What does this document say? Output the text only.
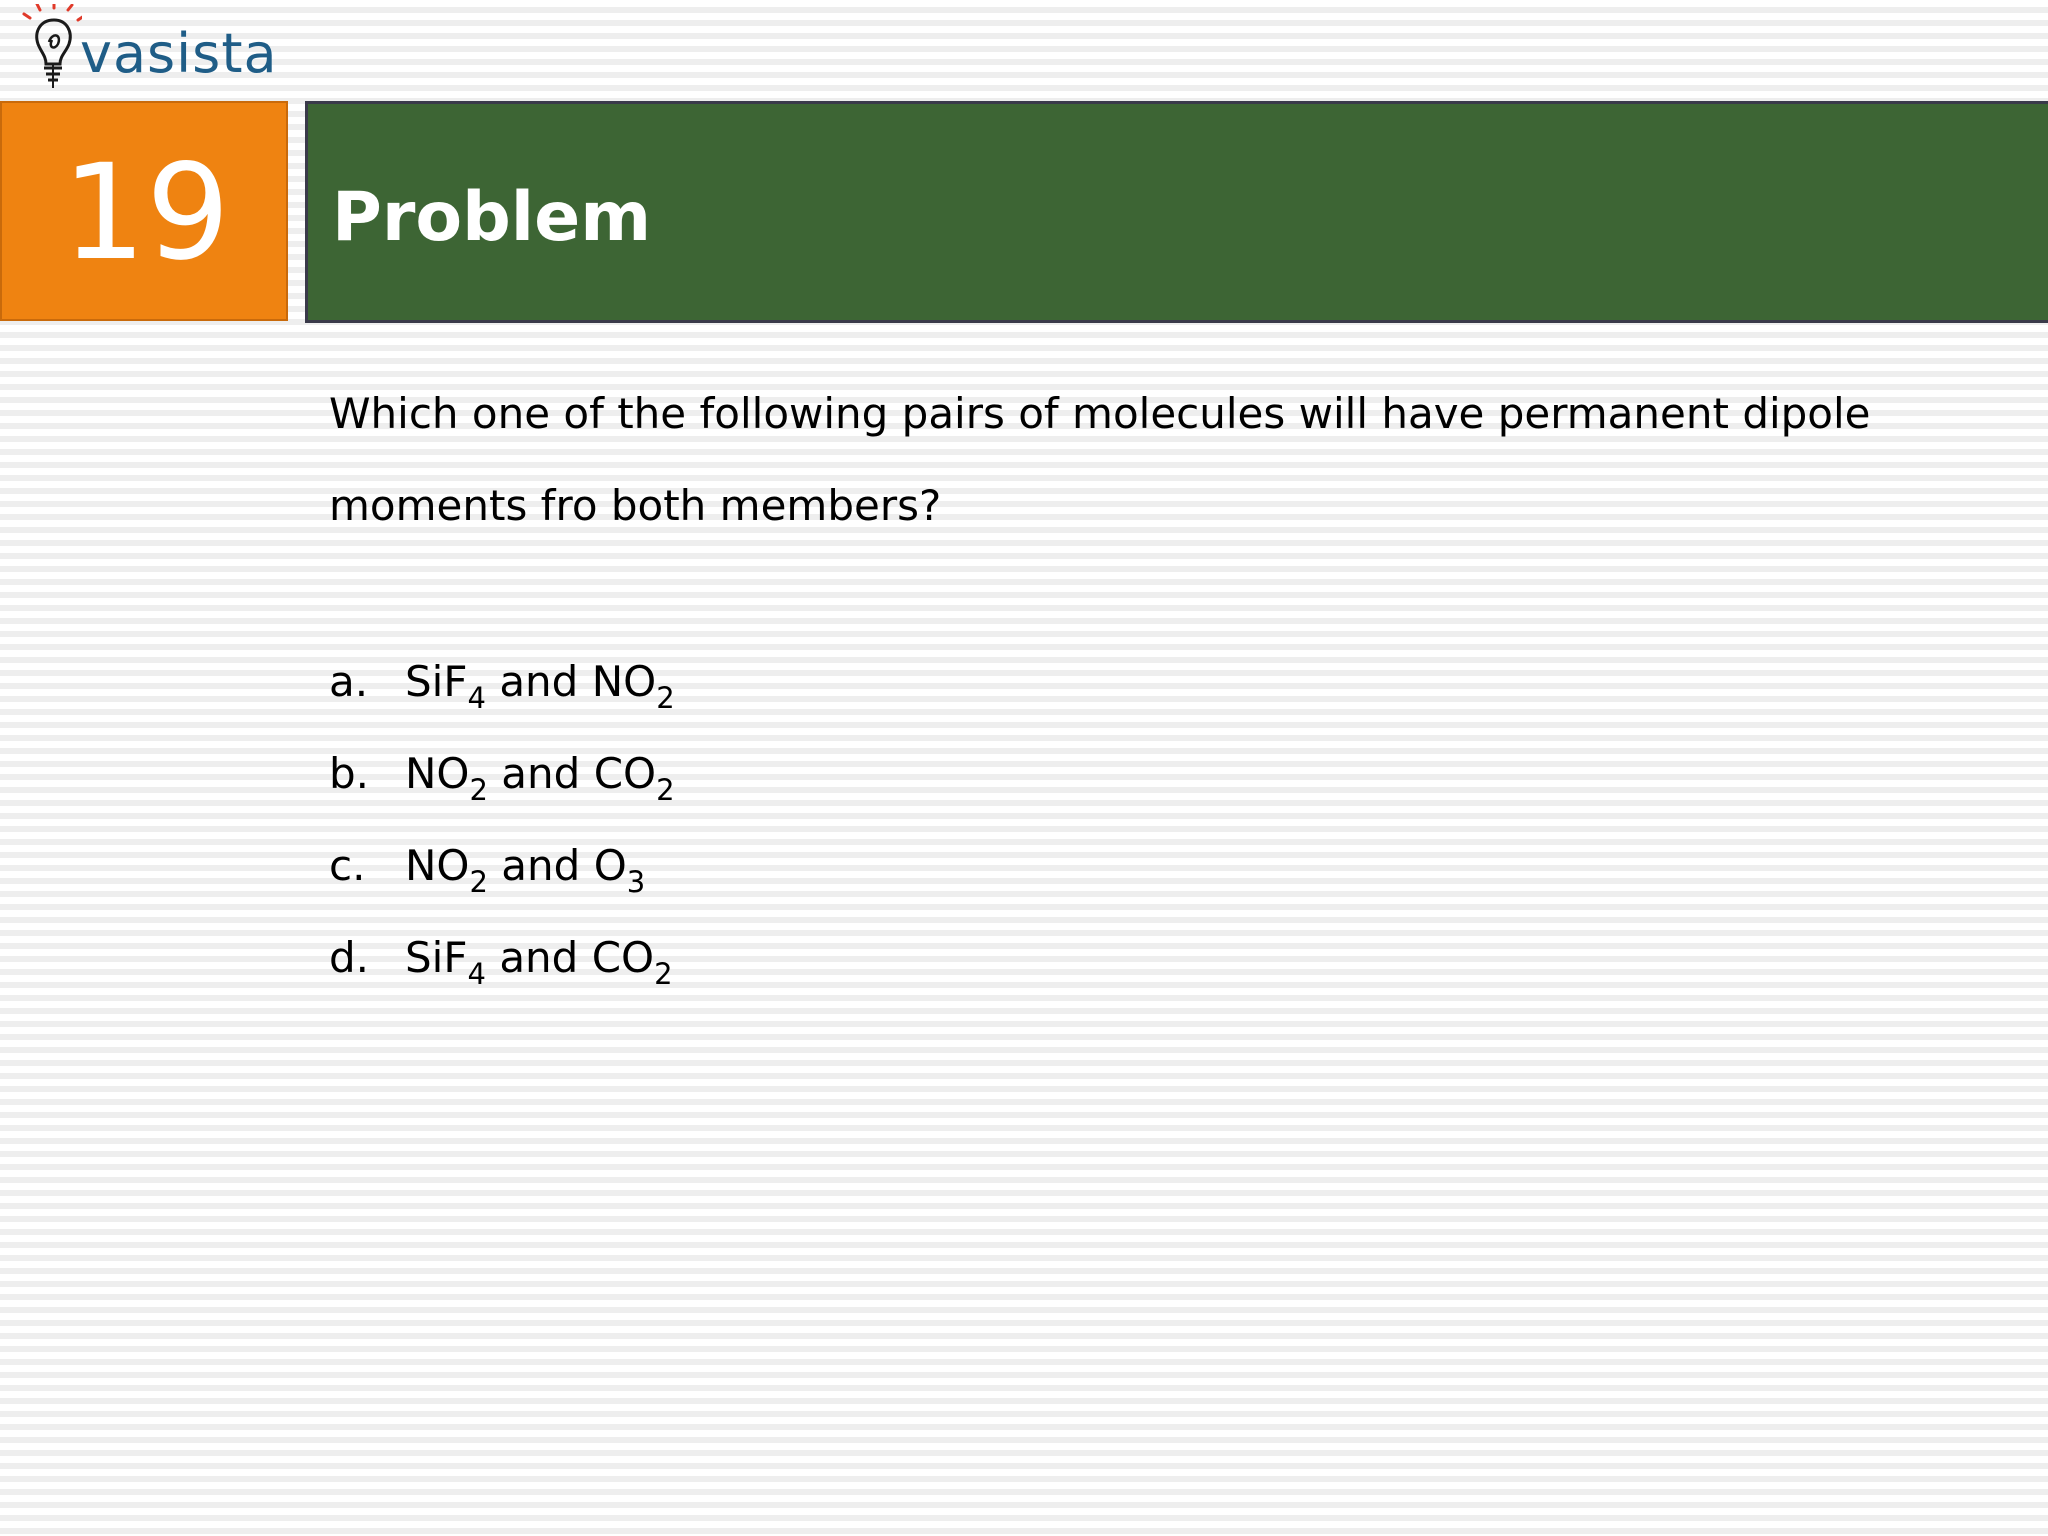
vasista
19	Problem
Which one of the following pairs of molecules will have permanent dipole moments fro both members?
a. SiF$_4$ and $NO_2$
b. $NO_2$ and $CO_2$
c. $NO_2$ and $O_3$
d. SiF$_4$ and $CO_2$
